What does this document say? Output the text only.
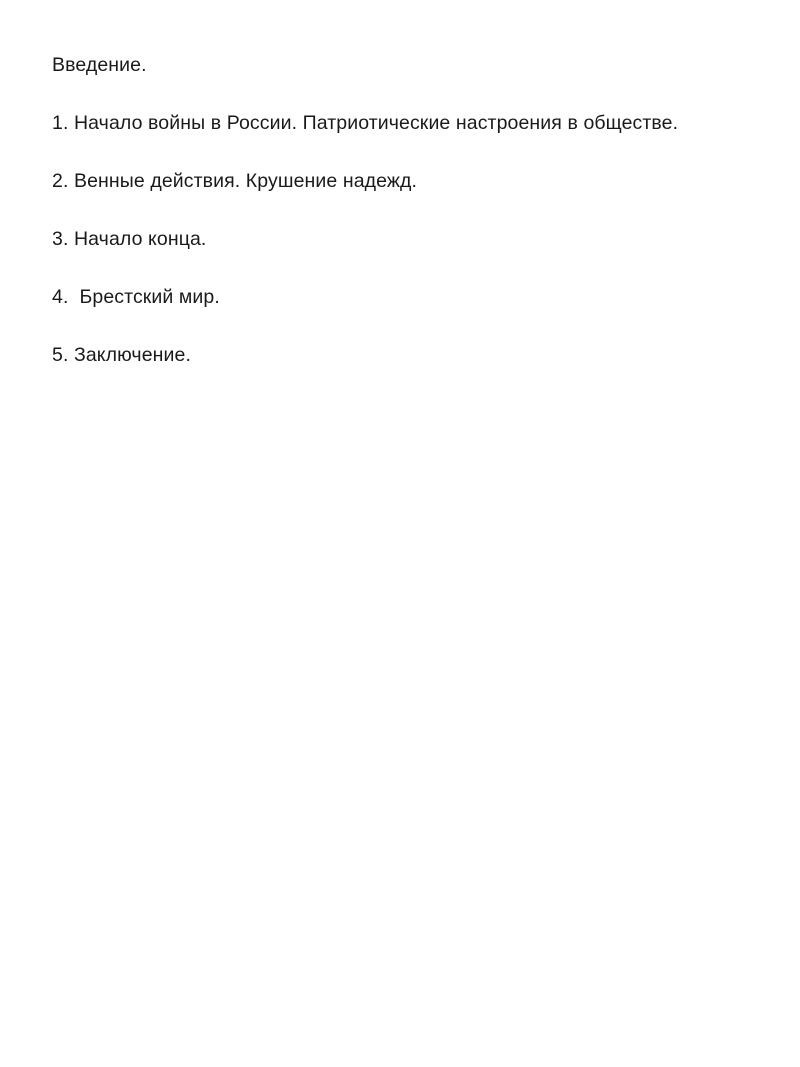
Введение.

1. Начало войны в России. Патриотические настроения в обществе.
2. Венные действия. Крушение надежд.
3. Начало конца.
4.  Брестский мир.
5. Заключение.
